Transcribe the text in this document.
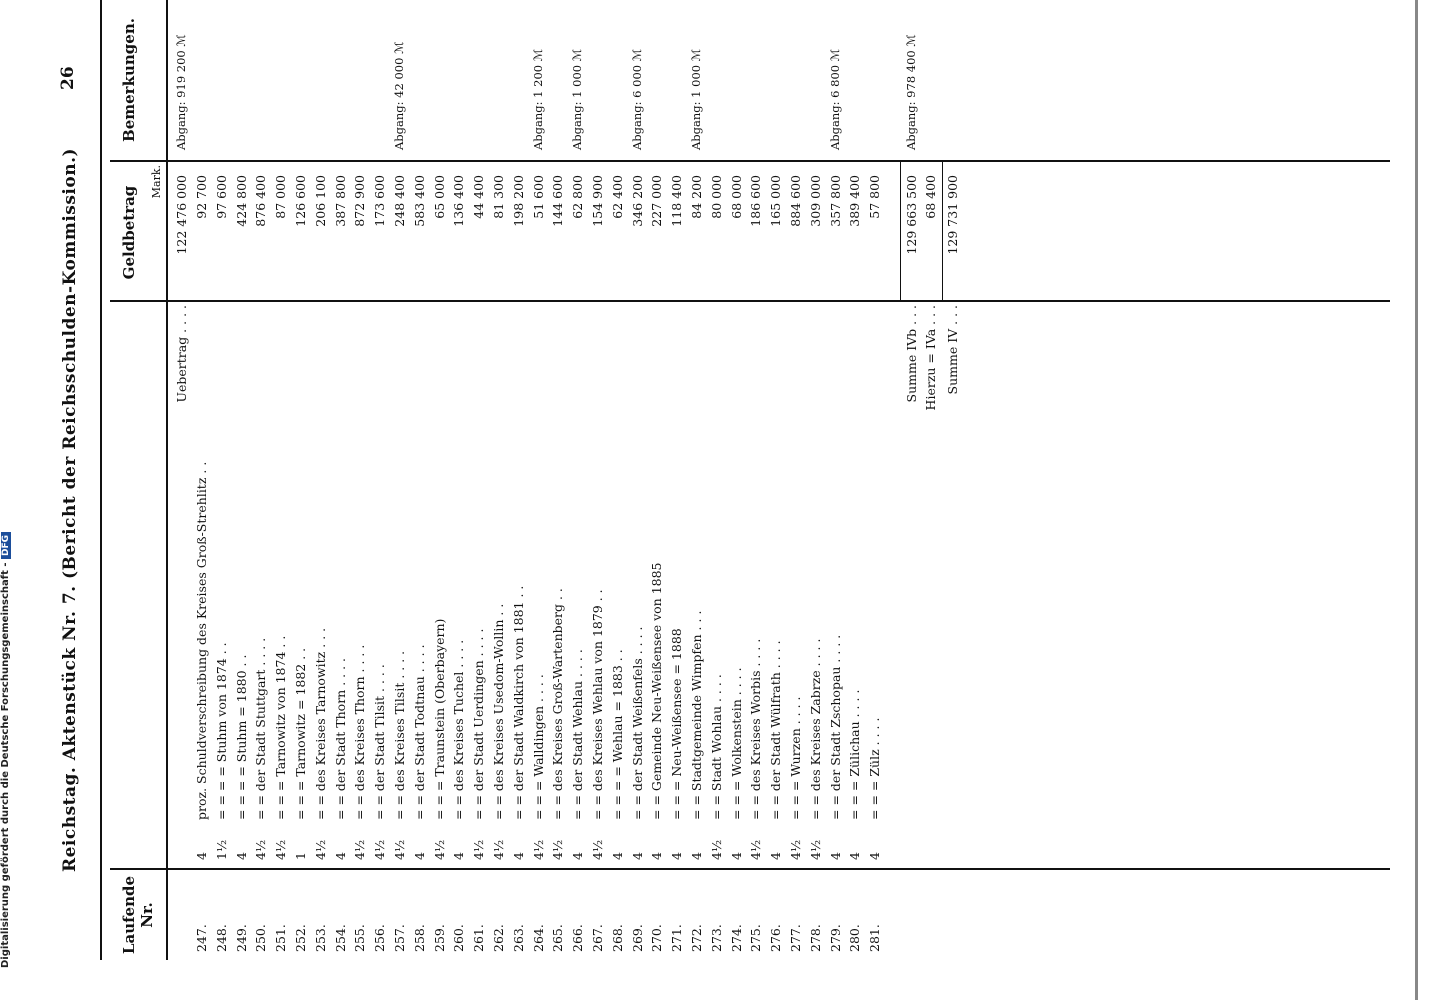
26
Reichstag. Aktenstück Nr. 7. (Bericht der Reichsschulden-Kommission.)
Laufende Nr.
Geldbetrag
Bemerkungen.
Mark.
Uebertrag . . . .
122 476 000
Abgang: 919 200 ℳ
247.
4
proz. Schuldverschreibung des Kreises Groß-Strehlitz . .
92 700
248.
1½
= = = = Stuhm von 1874 . .
97 600
249.
4
= = = = Stuhm = 1880 . .
424 800
250.
4½
= = der Stadt Stuttgart . . . .
876 400
251.
4½
= = = Tarnowitz von 1874 . .
87 000
252.
1
= = = Tarnowitz = 1882 . .
126 600
253.
4½
= = des Kreises Tarnowitz . . .
206 100
254.
4
= = der Stadt Thorn . . . .
387 800
255.
4½
= = des Kreises Thorn . . . .
872 900
256.
4½
= = der Stadt Tilsit . . . .
173 600
257.
4½
= = des Kreises Tilsit . . . .
248 400
Abgang: 42 000 ℳ
258.
4
= = der Stadt Todtnau . . . .
583 400
259.
4½
= = = Traunstein (Oberbayern)
65 000
260.
4
= = des Kreises Tuchel . . . .
136 400
261.
4½
= = der Stadt Uerdingen . . . .
44 400
262.
4½
= = des Kreises Usedom-Wollin . .
81 300
263.
4
= = der Stadt Waldkirch von 1881 . .
198 200
264.
4½
= = = Walldingen . . . .
51 600
Abgang: 1 200 ℳ
265.
4½
= = des Kreises Groß-Wartenberg . .
144 600
266.
4
= = der Stadt Wehlau . . . .
62 800
Abgang: 1 000 ℳ
267.
4½
= = des Kreises Wehlau von 1879 . .
154 900
268.
4
= = = = Wehlau = 1883 . .
62 400
269.
4
= = der Stadt Weißenfels . . . .
346 200
Abgang: 6 000 ℳ
270.
4
= = Gemeinde Neu-Weißensee von 1885
227 000
271.
4
= = = Neu-Weißensee = 1888
118 400
272.
4
= = Stadtgemeinde Wimpfen . . .
84 200
Abgang: 1 000 ℳ
273.
4½
= = Stadt Wohlau . . . .
80 000
274.
4
= = = Wolkenstein . . . .
68 000
275.
4½
= = des Kreises Worbis . . . .
186 600
276.
4
= = der Stadt Wülfrath . . . .
165 000
277.
4½
= = = Wurzen . . . .
884 600
278.
4½
= = des Kreises Zabrze . . . .
309 000
279.
4
= = der Stadt Zschopau . . . .
357 800
Abgang: 6 800 ℳ
280.
4
= = = Zülichau . . . .
389 400
281.
4
= = = Zülz . . . .
57 800
Summe IVb . . .
129 663 500
Abgang: 978 400 ℳ
Hierzu = IVa . . .
68 400
Summe IV . . .
129 731 900
Digitalisierung gefördert durch die Deutsche Forschungsgemeinschaft - DFG
